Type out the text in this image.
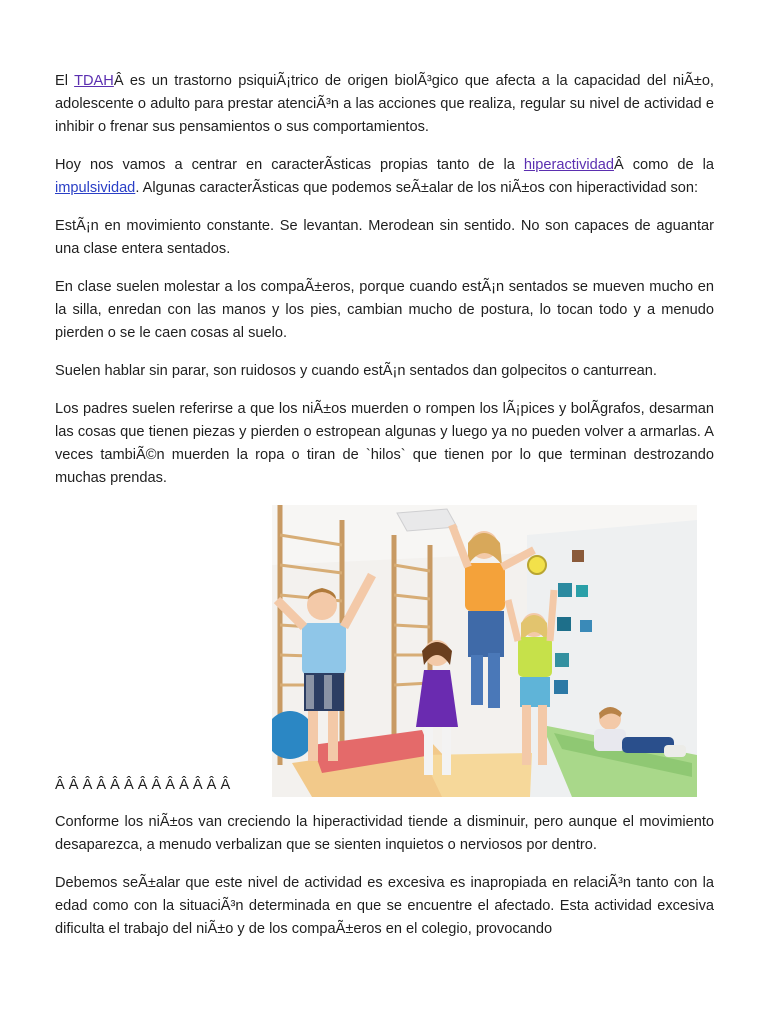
El TDAHÂ es un trastorno psiquiÃ¡trico de origen biolÃ³gico que afecta a la capacidad del niÃ±o, adolescente o adulto para prestar atenciÃ³n a las acciones que realiza, regular su nivel de actividad e inhibir o frenar sus pensamientos o sus comportamientos.

Hoy nos vamos a centrar en caracterÃsticas propias tanto de la hiperactividadÂ como de la impulsividad. Algunas caracterÃsticas que podemos seÃ±alar de los niÃ±os con hiperactividad son:

EstÃ¡n en movimiento constante. Se levantan. Merodean sin sentido. No son capaces de aguantar una clase entera sentados.

En clase suelen molestar a los compaÃ±eros, porque cuando estÃ¡n sentados se mueven mucho en la silla, enredan con las manos y los pies, cambian mucho de postura, lo tocan todo y a menudo pierden o se le caen cosas al suelo.

Suelen hablar sin parar, son ruidosos y cuando estÃ¡n sentados dan golpecitos o canturrean.

Los padres suelen referirse a que los niÃ±os muerden o rompen los lÃ¡pices y bolÃgrafos, desarman las cosas que tienen piezas y pierden o estropean algunas y luego ya no pueden volver a armarlas. A veces tambiÃ©n muerden la ropa o tiran de `hilos` que tienen por lo que terminan destrozando muchas prendas.

Â Â Â Â Â Â Â Â Â Â Â Â Â

Conforme los niÃ±os van creciendo la hiperactividad tiende a disminuir, pero aunque el movimiento desaparezca, a menudo verbalizan que se sienten inquietos o nerviosos por dentro.

Debemos seÃ±alar que este nivel de actividad es excesiva es inapropiada en relaciÃ³n tanto con la edad como con la situaciÃ³n determinada en que se encuentre el afectado. Esta actividad excesiva dificulta el trabajo del niÃ±o y de los compaÃ±eros en el colegio, provocando
